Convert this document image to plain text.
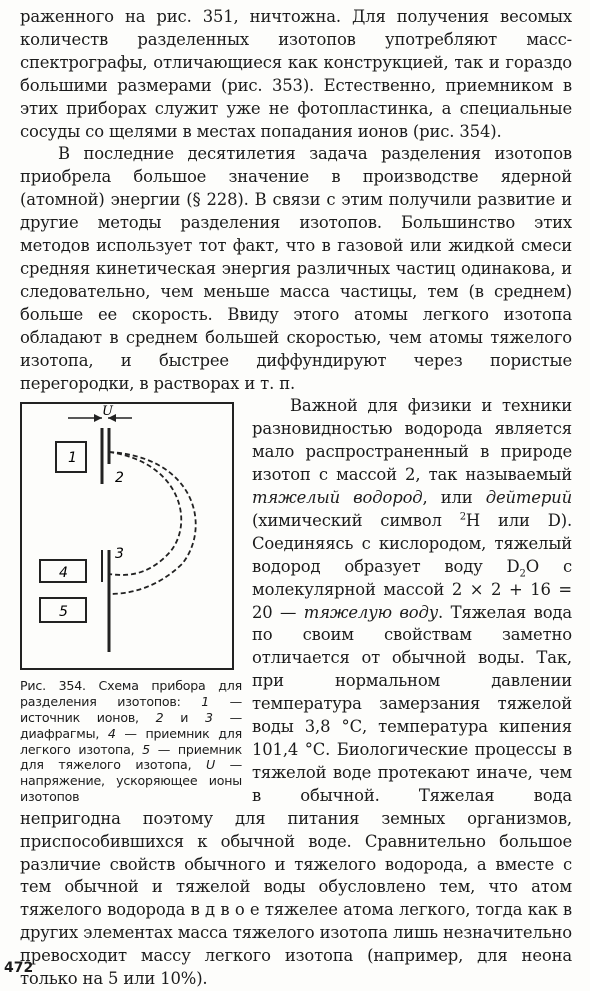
раженного на рис. 351, ничтожна. Для получения весомых количеств разделенных изотопов употребляют масс-спектрографы, отличающиеся как конструкцией, так и гораздо большими размерами (рис. 353). Естественно, приемником в этих приборах служит уже не фотопластинка, а специальные сосуды со щелями в местах попадания ионов (рис. 354).

В последние десятилетия задача разделения изотопов приобрела большое значение в производстве ядерной (атомной) энергии (§ 228). В связи с этим получили развитие и другие методы разделения изотопов. Большинство этих методов использует тот факт, что в газовой или жидкой смеси средняя кинетическая энергия различных частиц одинакова, и следовательно, чем меньше масса частицы, тем (в среднем) больше ее скорость. Ввиду этого атомы легкого изотопа обладают в среднем большей скоростью, чем атомы тяжелого изотопа, и быстрее диффундируют через пористые перегородки, в растворах и т. п.

U
1
2
3
4
5
Рис. 354. Схема прибора для разделения изотопов: 1 — источник ионов, 2 и 3 — диафрагмы, 4 — приемник для легкого изотопа, 5 — приемник для тяжелого изотопа, U — напряжение, ускоряющее ионы изотопов

Важной для физики и техники разновидностью водорода является мало распространенный в природе изотоп с массой 2, так называемый тяжелый водород, или дейтерий (химический символ $^2$H или D). Соединяясь с кислородом, тяжелый водород образует воду $D_2O$ с молекулярной массой 2 × 2 + 16 = 20 — тяжелую воду. Тяжелая вода по своим свойствам заметно отличается от обычной воды. Так, при нормальном давлении температура замерзания тяжелой воды 3,8 °С, температура кипения 101,4 °С. Биологические процессы в тяжелой воде протекают иначе, чем в обычной. Тяжелая вода непригодна поэтому для питания земных организмов, приспособившихся к обычной воде. Сравнительно большое различие свойств обычного и тяжелого водорода, а вместе с тем обычной и тяжелой воды обусловлено тем, что атом тяжелого водорода в д в о е тяжелее атома легкого, тогда как в других элементах масса тяжелого изотопа лишь незначительно превосходит массу легкого изотопа (например, для неона только на 5 или 10%).

472
